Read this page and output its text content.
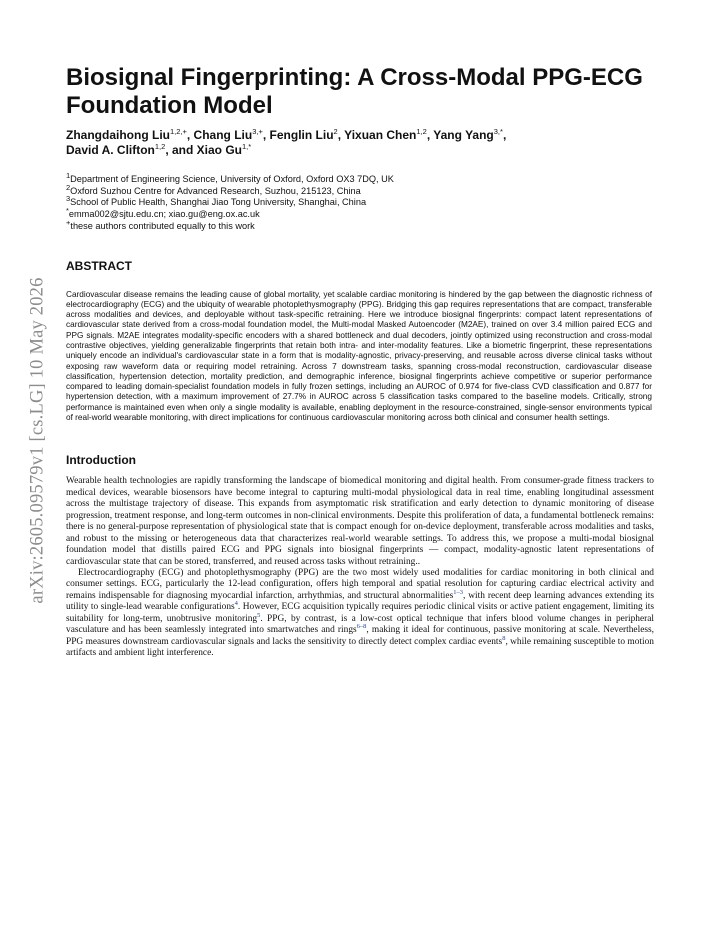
arXiv:2605.09579v1 [cs.LG] 10 May 2026
Biosignal Fingerprinting: A Cross-Modal PPG-ECG Foundation Model
Zhangdaihong Liu$^{1,2,+}$, Chang Liu$^{3,+}$, Fenglin Liu$^2$, Yixuan Chen$^{1,2}$, Yang Yang$^{3,*}$,
David A. Clifton$^{1,2}$, and Xiao $Gu^{1,*}$
$^1$Department of Engineering Science, University of Oxford, Oxford OX3 7DQ, UK
$^2$Oxford Suzhou Centre for Advanced Research, Suzhou, 215123, China
$^3$School of Public Health, Shanghai Jiao Tong University, Shanghai, China
*emma002@sjtu.edu.cn; xiao.gu@eng.ox.ac.uk
+these authors contributed equally to this work
ABSTRACT
Cardiovascular disease remains the leading cause of global mortality, yet scalable cardiac monitoring is hindered by the gap between the diagnostic richness of electrocardiography (ECG) and the ubiquity of wearable photoplethysmography (PPG). Bridging this gap requires representations that are compact, transferable across modalities and devices, and deployable without task-specific retraining. Here we introduce biosignal fingerprints: compact latent representations of cardiovascular state derived from a cross-modal foundation model, the Multi-modal Masked Autoencoder (M2AE), trained on over 3.4 million paired ECG and PPG signals. M2AE integrates modality-specific encoders with a shared bottleneck and dual decoders, jointly optimized using reconstruction and cross-modal contrastive objectives, yielding generalizable fingerprints that retain both intra- and inter-modality features. Like a biometric fingerprint, these representations uniquely encode an individual's cardiovascular state in a form that is modality-agnostic, privacy-preserving, and reusable across diverse clinical tasks without exposing raw waveform data or requiring model retraining. Across 7 downstream tasks, spanning cross-modal reconstruction, cardiovascular disease classification, hypertension detection, mortality prediction, and demographic inference, biosignal fingerprints achieve competitive or superior performance compared to leading domain-specialist foundation models in fully frozen settings, including an AUROC of 0.974 for five-class CVD classification and 0.877 for hypertension detection, with a maximum improvement of 27.7% in AUROC across 5 classification tasks compared to the baseline models. Critically, strong performance is maintained even when only a single modality is available, enabling deployment in the resource-constrained, single-sensor environments typical of real-world wearable monitoring, with direct implications for continuous cardiovascular monitoring across both clinical and consumer health settings.
Introduction

Wearable health technologies are rapidly transforming the landscape of biomedical monitoring and digital health. From consumer-grade fitness trackers to medical devices, wearable biosensors have become integral to capturing multi-modal physiological data in real time, enabling longitudinal assessment across the multistage trajectory of disease. This expands from asymptomatic risk stratification and early detection to dynamic monitoring of disease progression, treatment response, and long-term outcomes in non-clinical environments. Despite this proliferation of data, a fundamental bottleneck remains: there is no general-purpose representation of physiological state that is compact enough for on-device deployment, transferable across modalities and tasks, and robust to the missing or heterogeneous data that characterizes real-world wearable settings. To address this, we propose a multi-modal biosignal foundation model that distills paired ECG and PPG signals into biosignal fingerprints — compact, modality-agnostic latent representations of cardiovascular state that can be stored, transferred, and reused across tasks without retraining..

Electrocardiography (ECG) and photoplethysmography (PPG) are the two most widely used modalities for cardiac monitoring in both clinical and consumer settings. ECG, particularly the 12-lead configuration, offers high temporal and spatial resolution for capturing cardiac electrical activity and remains indispensable for diagnosing myocardial infarction, arrhythmias, and structural abnormalities$^{1-3}$, with recent deep learning advances extending its utility to single-lead wearable configurations$^4$. However, ECG acquisition typically requires periodic clinical visits or active patient engagement, limiting its suitability for long-term, unobtrusive monitoring$^5$. PPG, by contrast, is a low-cost optical technique that infers blood volume changes in peripheral vasculature and has been seamlessly integrated into smartwatches and rings$^{6-8}$, making it ideal for continuous, passive monitoring at scale. Nevertheless, PPG measures downstream cardiovascular signals and lacks the sensitivity to directly detect complex cardiac events$^8$, while remaining susceptible to motion artifacts and ambient light interference.
